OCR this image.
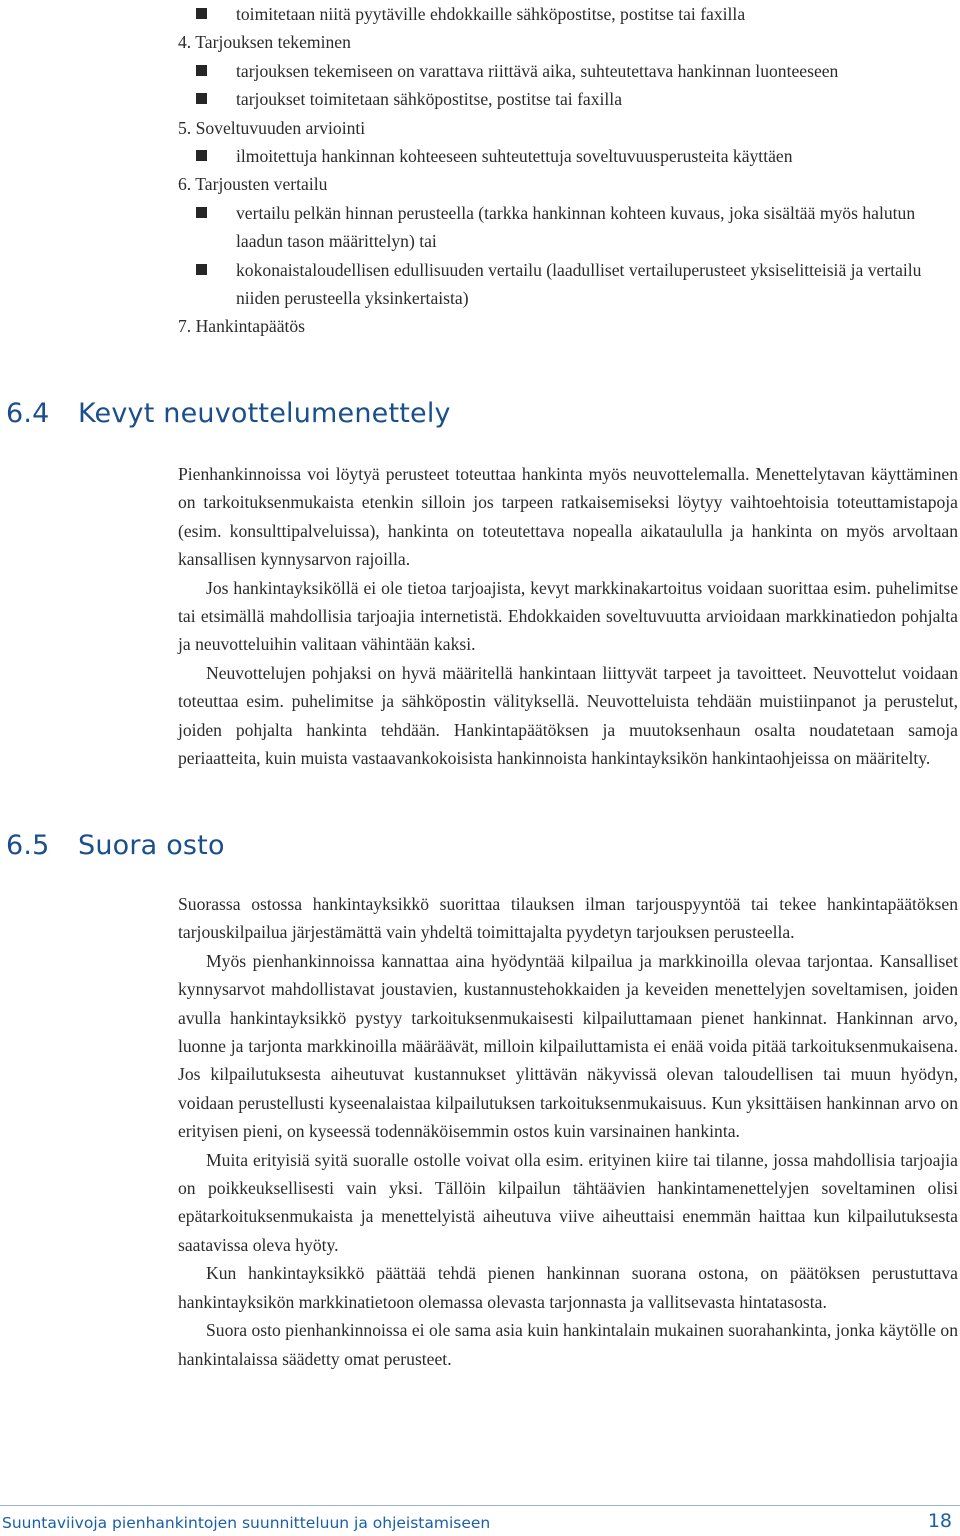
toimitetaan niitä pyytäville ehdokkaille sähköpostitse, postitse tai faxilla

4. Tarjouksen tekeminen

tarjouksen tekemiseen on varattava riittävä aika, suhteutettava hankinnan luonteeseen

tarjoukset toimitetaan sähköpostitse, postitse tai faxilla

5. Soveltuvuuden arviointi

ilmoitettuja hankinnan kohteeseen suhteutettuja soveltuvuusperusteita käyttäen

6. Tarjousten vertailu

vertailu pelkän hinnan perusteella (tarkka hankinnan kohteen kuvaus, joka sisältää myös halutun laadun tason määrittelyn) tai

kokonaistaloudellisen edullisuuden vertailu (laadulliset vertailuperusteet yksiselitteisiä ja vertailu niiden perusteella yksinkertaista)

7. Hankintapäätös

6.4 Kevyt neuvottelumenettely

Pienhankinnoissa voi löytyä perusteet toteuttaa hankinta myös neuvottelemalla. Menettelytavan käyttäminen on tarkoituksenmukaista etenkin silloin jos tarpeen ratkaisemiseksi löytyy vaihtoehtoisia toteuttamistapoja (esim. konsulttipalveluissa), hankinta on toteutettava nopealla aikataululla ja hankinta on myös arvoltaan kansallisen kynnysarvon rajoilla.

Jos hankintayksiköllä ei ole tietoa tarjoajista, kevyt markkinakartoitus voidaan suorittaa esim. puhelimitse tai etsimällä mahdollisia tarjoajia internetistä. Ehdokkaiden soveltuvuutta arvioidaan markkinatiedon pohjalta ja neuvotteluihin valitaan vähintään kaksi.

Neuvottelujen pohjaksi on hyvä määritellä hankintaan liittyvät tarpeet ja tavoitteet. Neuvottelut voidaan toteuttaa esim. puhelimitse ja sähköpostin välityksellä. Neuvotteluista tehdään muistiinpanot ja perustelut, joiden pohjalta hankinta tehdään. Hankintapäätöksen ja muutoksenhaun osalta noudatetaan samoja periaatteita, kuin muista vastaavankokoisista hankinnoista hankintayksikön hankintaohjeissa on määritelty.

6.5 Suora osto

Suorassa ostossa hankintayksikkö suorittaa tilauksen ilman tarjouspyyntöä tai tekee hankintapäätöksen tarjouskilpailua järjestämättä vain yhdeltä toimittajalta pyydetyn tarjouksen perusteella.

Myös pienhankinnoissa kannattaa aina hyödyntää kilpailua ja markkinoilla olevaa tarjontaa. Kansalliset kynnysarvot mahdollistavat joustavien, kustannustehokkaiden ja keveiden menettelyjen soveltamisen, joiden avulla hankintayksikkö pystyy tarkoituksenmukaisesti kilpailuttamaan pienet hankinnat. Hankinnan arvo, luonne ja tarjonta markkinoilla määräävät, milloin kilpailuttamista ei enää voida pitää tarkoituksenmukaisena. Jos kilpailutuksesta aiheutuvat kustannukset ylittävän näkyvissä olevan taloudellisen tai muun hyödyn, voidaan perustellusti kyseenalaistaa kilpailutuksen tarkoituksenmukaisuus. Kun yksittäisen hankinnan arvo on erityisen pieni, on kyseessä todennäköisemmin ostos kuin varsinainen hankinta.

Muita erityisiä syitä suoralle ostolle voivat olla esim. erityinen kiire tai tilanne, jossa mahdollisia tarjoajia on poikkeuksellisesti vain yksi. Tällöin kilpailun tähtäävien hankintamenettelyjen soveltaminen olisi epätarkoituksenmukaista ja menettelyistä aiheutuva viive aiheuttaisi enemmän haittaa kun kilpailutuksesta saatavissa oleva hyöty.

Kun hankintayksikkö päättää tehdä pienen hankinnan suorana ostona, on päätöksen perustuttava hankintayksikön markkinatietoon olemassa olevasta tarjonnasta ja vallitsevasta hintatasosta.

Suora osto pienhankinnoissa ei ole sama asia kuin hankintalain mukainen suorahankinta, jonka käytölle on hankintalaissa säädetty omat perusteet.

Suuntaviivoja pienhankintojen suunnitteluun ja ohjeistamiseen	18
